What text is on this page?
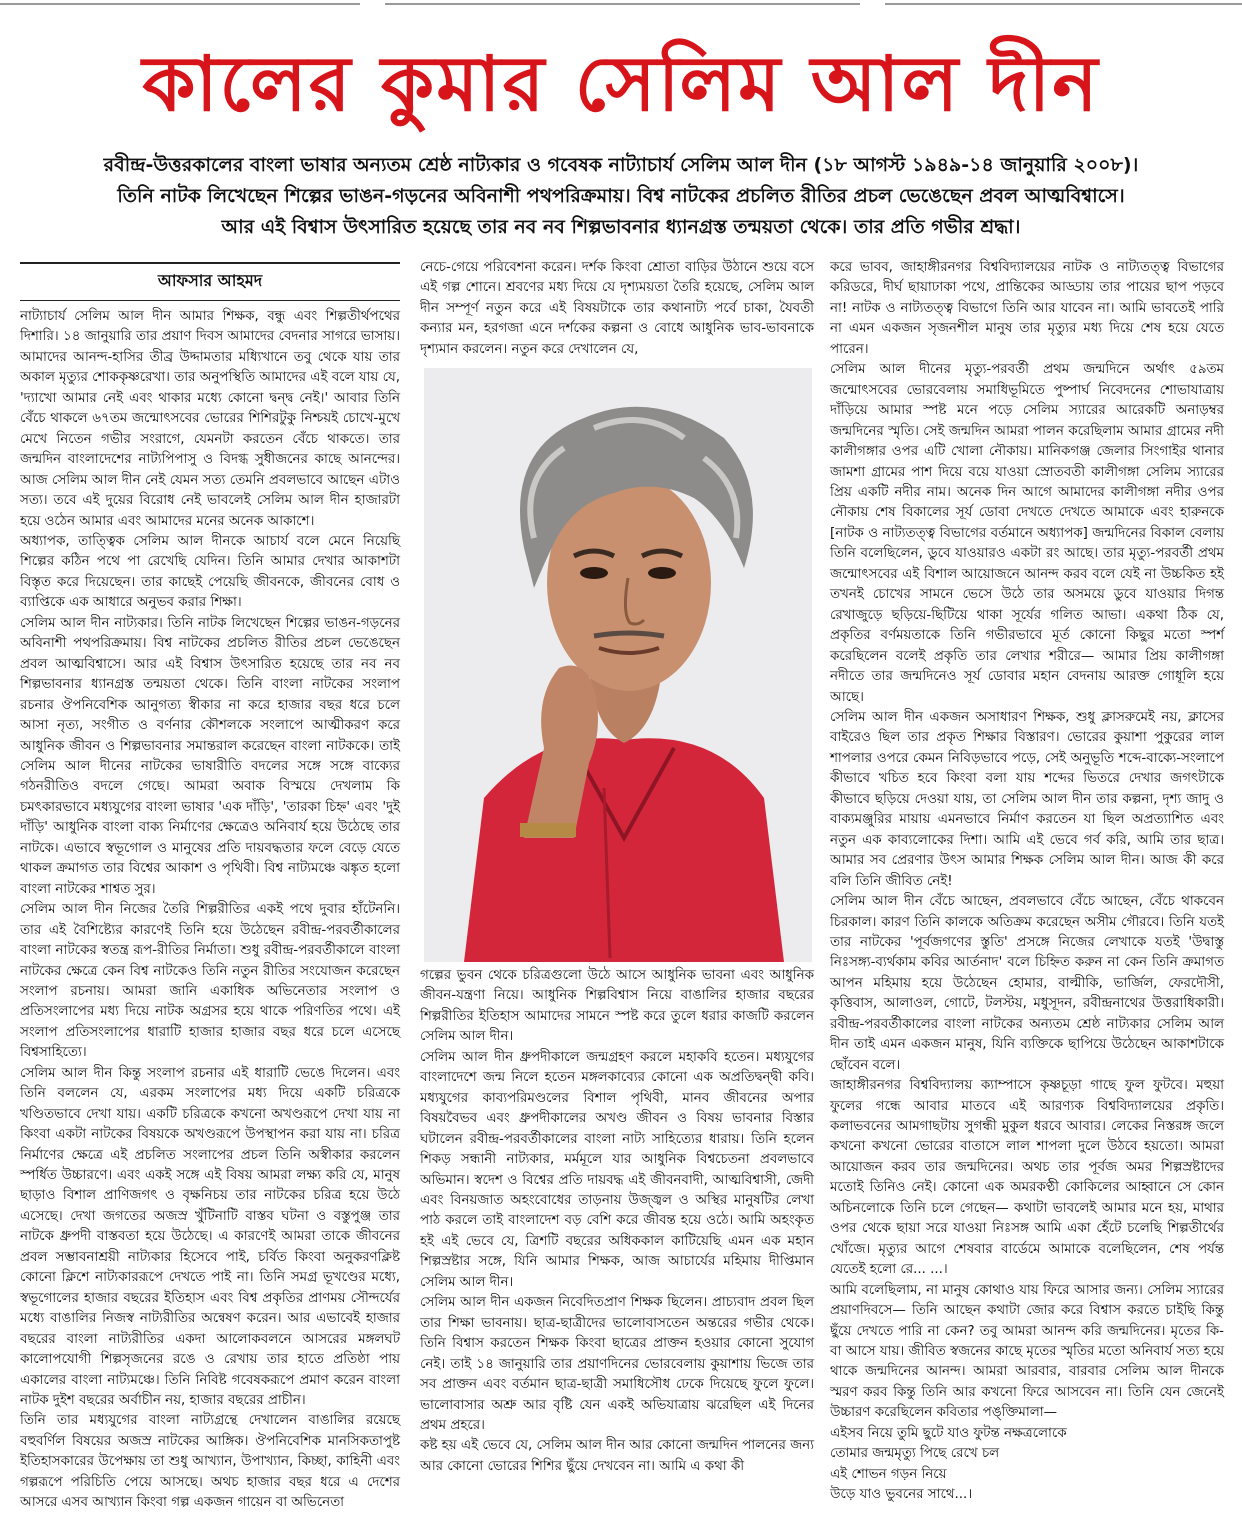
কালের কুমার সেলিম আল দীন
রবীন্দ্র-উত্তরকালের বাংলা ভাষার অন্যতম শ্রেষ্ঠ নাট্যকার ও গবেষক নাট্যাচার্য সেলিম আল দীন (১৮ আগস্ট ১৯৪৯-১৪ জানুয়ারি ২০০৮)।
তিনি নাটক লিখেছেন শিল্পের ভাঙন-গড়নের অবিনাশী পথপরিক্রমায়। বিশ্ব নাটকের প্রচলিত রীতির প্রচল ভেঙেছেন প্রবল আত্মবিশ্বাসে।
আর এই বিশ্বাস উৎসারিত হয়েছে তার নব নব শিল্পভাবনার ধ্যানগ্রস্ত তন্ময়তা থেকে। তার প্রতি গভীর শ্রদ্ধা।
আফসার আহমদ

নাট্যাচার্য সেলিম আল দীন আমার শিক্ষক, বন্ধু এবং শিল্পতীর্থপথের দিশারি। ১৪ জানুয়ারি তার প্রয়াণ দিবস আমাদের বেদনার সাগরে ভাসায়। আমাদের আনন্দ-হাসির তীব্র উদ্দামতার মধ্যিখানে তবু থেকে যায় তার অকাল মৃত্যুর শোককৃষ্ণরেখা। তার অনুপস্থিতি আমাদের এই বলে যায় যে, 'দ্যাখো আমার নেই এবং থাকার মধ্যে কোনো দ্বন্দ্ব নেই।' আবার তিনি বেঁচে থাকলে ৬৭তম জন্মোৎসবের ভোরের শিশিরটুকু নিশ্চয়ই চোখে-মুখে মেখে নিতেন গভীর সংরাগে, যেমনটা করতেন বেঁচে থাকতে। তার জন্মদিন বাংলাদেশের নাট্যপিপাসু ও বিদগ্ধ সুধীজনের কাছে আনন্দের। আজ সেলিম আল দীন নেই যেমন সত্য তেমনি প্রবলভাবে আছেন এটাও সত্য। তবে এই দুয়ের বিরোধ নেই ভাবলেই সেলিম আল দীন হাজারটা হয়ে ওঠেন আমার এবং আমাদের মনের অনেক আকাশে।

অধ্যাপক, তাত্ত্বিক সেলিম আল দীনকে আচার্য বলে মেনে নিয়েছি শিল্পের কঠিন পথে পা রেখেছি যেদিন। তিনি আমার দেখার আকাশটা বিস্তৃত করে দিয়েছেন। তার কাছেই পেয়েছি জীবনকে, জীবনের বোধ ও ব্যাপ্তিকে এক আধারে অনুভব করার শিক্ষা।

সেলিম আল দীন নাট্যকার। তিনি নাটক লিখেছেন শিল্পের ভাঙন-গড়নের অবিনাশী পথপরিক্রমায়। বিশ্ব নাটকের প্রচলিত রীতির প্রচল ভেঙেছেন প্রবল আত্মবিশ্বাসে। আর এই বিশ্বাস উৎসারিত হয়েছে তার নব নব শিল্পভাবনার ধ্যানগ্রস্ত তন্ময়তা থেকে। তিনি বাংলা নাটকের সংলাপ রচনার ঔপনিবেশিক আনুগত্য স্বীকার না করে হাজার বছর ধরে চলে আসা নৃত্য, সংগীত ও বর্ণনার কৌশলকে সংলাপে আত্মীকরণ করে আধুনিক জীবন ও শিল্পভাবনার সমান্তরাল করেছেন বাংলা নাটককে। তাই সেলিম আল দীনের নাটকের ভাষারীতি বদলের সঙ্গে সঙ্গে বাক্যের গঠনরীতিও বদলে গেছে। আমরা অবাক বিস্ময়ে দেখলাম কি চমৎকারভাবে মধ্যযুগের বাংলা ভাষার 'এক দাঁড়ি', 'তারকা চিহ্ন' এবং 'দুই দাঁড়ি' আধুনিক বাংলা বাক্য নির্মাণের ক্ষেত্রেও অনিবার্য হয়ে উঠেছে তার নাটকে। এভাবে স্বভূগোল ও মানুষের প্রতি দায়বদ্ধতার ফলে বেড়ে যেতে থাকল ক্রমাগত তার বিশ্বের আকাশ ও পৃথিবী। বিশ্ব নাট্যমঞ্চে ঝঙ্কৃত হলো বাংলা নাটকের শাশ্বত সুর।

সেলিম আল দীন নিজের তৈরি শিল্পরীতির একই পথে দুবার হাঁটেননি। তার এই বৈশিষ্ট্যের কারণেই তিনি হয়ে উঠেছেন রবীন্দ্র-পরবর্তীকালের বাংলা নাটকের স্বতন্ত্র রূপ-রীতির নির্মাতা। শুধু রবীন্দ্র-পরবর্তীকালে বাংলা নাটকের ক্ষেত্রে কেন বিশ্ব নাটকেও তিনি নতুন রীতির সংযোজন করেছেন সংলাপ রচনায়। আমরা জানি একাধিক অভিনেতার সংলাপ ও প্রতিসংলাপের মধ্য দিয়ে নাটক অগ্রসর হয়ে থাকে পরিণতির পথে। এই সংলাপ প্রতিসংলাপের ধারাটি হাজার হাজার বছর ধরে চলে এসেছে বিশ্বসাহিত্যে।

সেলিম আল দীন কিন্তু সংলাপ রচনার এই ধারাটি ভেঙে দিলেন। এবং তিনি বললেন যে, এরকম সংলাপের মধ্য দিয়ে একটি চরিত্রকে খণ্ডিতভাবে দেখা যায়। একটি চরিত্রকে কখনো অখণ্ডরূপে দেখা যায় না কিংবা একটা নাটকের বিষয়কে অখণ্ডরূপে উপস্থাপন করা যায় না। চরিত্র নির্মাণের ক্ষেত্রে এই প্রচলিত সংলাপের প্রচল তিনি অস্বীকার করলেন স্পর্ধিত উচ্চারণে। এবং একই সঙ্গে এই বিষয় আমরা লক্ষ্য করি যে, মানুষ ছাড়াও বিশাল প্রাণিজগৎ ও বৃক্ষনিচয় তার নাটকের চরিত্র হয়ে উঠে এসেছে। দেখা জগতের অজস্র খুঁটিনাটি বাস্তব ঘটনা ও বস্তুপুঞ্জ তার নাটকে ধ্রুপদী বাস্তবতা হয়ে উঠেছে। এ কারণেই আমরা তাকে জীবনের প্রবল সম্ভাবনাশ্রয়ী নাট্যকার হিসেবে পাই, চর্বিত কিংবা অনুকরণক্লিষ্ট কোনো ক্লিশে নাট্যকাররূপে দেখতে পাই না। তিনি সমগ্র ভূখণ্ডের মধ্যে, স্বভূগোলের হাজার বছরের ইতিহাস এবং বিশ্ব প্রকৃতির প্রাণময় সৌন্দর্যের মধ্যে বাঙালির নিজস্ব নাট্যরীতির অন্বেষণ করেন। আর এভাবেই হাজার বছরের বাংলা নাট্যরীতির একদা আলোকবলনে আসরের মঙ্গলঘট কালোপযোগী শিল্পসৃজনের রঙে ও রেখায় তার হাতে প্রতিষ্ঠা পায় একালের বাংলা নাট্যমঞ্চে। তিনি নিবিষ্ট গবেষকরূপে প্রমাণ করেন বাংলা নাটক দুইশ বছরের অর্বাচীন নয়, হাজার বছরের প্রাচীন।

তিনি তার মধ্যযুগের বাংলা নাট্যগ্রন্থে দেখালেন বাঙালির রয়েছে বহুবর্ণিল বিষয়ের অজস্র নাটকের আঙ্গিক। ঔপনিবেশিক মানসিকতাপুষ্ট ইতিহাসকারের উপেক্ষায় তা শুধু আখ্যান, উপাখ্যান, কিচ্ছা, কাহিনী এবং গল্পরূপে পরিচিতি পেয়ে আসছে। অথচ হাজার বছর ধরে এ দেশের আসরে এসব আখ্যান কিংবা গল্প একজন গায়েন বা অভিনেতা

নেচে-গেয়ে পরিবেশনা করেন। দর্শক কিংবা শ্রোতা বাড়ির উঠানে শুয়ে বসে এই গল্প শোনে। শ্রবণের মধ্য দিয়ে যে দৃশ্যময়তা তৈরি হয়েছে, সেলিম আল দীন সম্পূর্ণ নতুন করে এই বিষয়টাকে তার কথানাট্য পর্বে চাকা, যৈবতী কন্যার মন, হরগজা এনে দর্শকের কল্পনা ও বোধে আধুনিক ভাব-ভাবনাকে দৃশ্যমান করলেন। নতুন করে দেখালেন যে,

গল্পের ভুবন থেকে চরিত্রগুলো উঠে আসে আধুনিক ভাবনা এবং আধুনিক জীবন-যন্ত্রণা নিয়ে। আধুনিক শিল্পবিশ্বাস নিয়ে বাঙালির হাজার বছরের শিল্পরীতির ইতিহাস আমাদের সামনে স্পষ্ট করে তুলে ধরার কাজটি করলেন সেলিম আল দীন।

সেলিম আল দীন ধ্রুপদীকালে জন্মগ্রহণ করলে মহাকবি হতেন। মধ্যযুগের বাংলাদেশে জন্ম নিলে হতেন মঙ্গলকাব্যের কোনো এক অপ্রতিদ্বন্দ্বী কবি। মধ্যযুগের কাব্যপরিমণ্ডলের বিশাল পৃথিবী, মানব জীবনের অপার বিষয়বৈভব এবং ধ্রুপদীকালের অখণ্ড জীবন ও বিষয় ভাবনার বিস্তার ঘটালেন রবীন্দ্র-পরবর্তীকালের বাংলা নাট্য সাহিত্যের ধারায়। তিনি হলেন শিকড় সন্ধানী নাট্যকার, মর্মমূলে যার আধুনিক বিশ্বচেতনা প্রবলভাবে অভিমান। স্বদেশ ও বিশ্বের প্রতি দায়বদ্ধ এই জীবনবাদী, আত্মবিশ্বাসী, জেদী এবং বিনয়জাত অহংবোধের তাড়নায় উজ্জ্বল ও অস্থির মানুষটির লেখা পাঠ করলে তাই বাংলাদেশ বড় বেশি করে জীবন্ত হয়ে ওঠে। আমি অহংকৃত হই এই ভেবে যে, ত্রিশটি বছরের অধিককাল কাটিয়েছি এমন এক মহান শিল্পস্রষ্টার সঙ্গে, যিনি আমার শিক্ষক, আজ আচার্যের মহিমায় দীপ্তিমান সেলিম আল দীন।

সেলিম আল দীন একজন নিবেদিতপ্রাণ শিক্ষক ছিলেন। প্রাচ্যবাদ প্রবল ছিল তার শিক্ষা ভাবনায়। ছাত্র-ছাত্রীদের ভালোবাসতেন অন্তরের গভীর থেকে। তিনি বিশ্বাস করতেন শিক্ষক কিংবা ছাত্রের প্রাক্তন হওয়ার কোনো সুযোগ নেই। তাই ১৪ জানুয়ারি তার প্রয়াণদিনের ভোরবেলায় কুয়াশায় ভিজে তার সব প্রাক্তন এবং বর্তমান ছাত্র-ছাত্রী সমাধিসৌধ ঢেকে দিয়েছে ফুলে ফুলে। ভালোবাসার অশ্রু আর বৃষ্টি যেন একই অভিযাত্রায় ঝরেছিল এই দিনের প্রথম প্রহরে।

কষ্ট হয় এই ভেবে যে, সেলিম আল দীন আর কোনো জন্মদিন পালনের জন্য আর কোনো ভোরের শিশির ছুঁয়ে দেখবেন না। আমি এ কথা কী

করে ভাবব, জাহাঙ্গীরনগর বিশ্ববিদ্যালয়ের নাটক ও নাট্যতত্ত্ব বিভাগের করিডরে, দীর্ঘ ছায়াঢাকা পথে, প্রান্তিকের আড্ডায় তার পায়ের ছাপ পড়বে না! নাটক ও নাট্যতত্ত্ব বিভাগে তিনি আর যাবেন না। আমি ভাবতেই পারি না এমন একজন সৃজনশীল মানুষ তার মৃত্যুর মধ্য দিয়ে শেষ হয়ে যেতে পারেন।

সেলিম আল দীনের মৃত্যু-পরবর্তী প্রথম জন্মদিনে অর্থাৎ ৫৯তম জন্মোৎসবের ভোরবেলায় সমাধিভূমিতে পুষ্পার্ঘ নিবেদনের শোভাযাত্রায় দাঁড়িয়ে আমার স্পষ্ট মনে পড়ে সেলিম স্যারের আরেকটি অনাড়ম্বর জন্মদিনের স্মৃতি। সেই জন্মদিন আমরা পালন করেছিলাম আমার গ্রামের নদী কালীগঙ্গার ওপর এটি খোলা নৌকায়। মানিকগঞ্জ জেলার সিংগাইর থানার জামশা গ্রামের পাশ দিয়ে বয়ে যাওয়া স্রোতবতী কালীগঙ্গা সেলিম স্যারের প্রিয় একটি নদীর নাম। অনেক দিন আগে আমাদের কালীগঙ্গা নদীর ওপর নৌকায় শেষ বিকালের সূর্য ডোবা দেখতে দেখতে আমাকে এবং হারুনকে [নাটক ও নাট্যতত্ত্ব বিভাগের বর্তমানে অধ্যাপক] জন্মদিনের বিকাল বেলায় তিনি বলেছিলেন, ডুবে যাওয়ারও একটা রং আছে। তার মৃত্যু-পরবর্তী প্রথম জন্মোৎসবের এই বিশাল আয়োজনে আনন্দ করব বলে যেই না উচ্চকিত হই তখনই চোখের সামনে ভেসে উঠে তার অসময়ে ডুবে যাওয়ার দিগন্ত রেখাজুড়ে ছড়িয়ে-ছিটিয়ে থাকা সূর্যের গলিত আভা। একথা ঠিক যে, প্রকৃতির বর্ণময়তাকে তিনি গভীরভাবে মূর্ত কোনো কিছুর মতো স্পর্শ করেছিলেন বলেই প্রকৃতি তার লেখার শরীরে— আমার প্রিয় কালীগঙ্গা নদীতে তার জন্মদিনেও সূর্য ডোবার মহান বেদনায় আরক্ত গোধূলি হয়ে আছে।

সেলিম আল দীন একজন অসাধারণ শিক্ষক, শুধু ক্লাসরুমেই নয়, ক্লাসের বাইরেও ছিল তার প্রকৃত শিক্ষার বিস্তারণ। ভোরের কুয়াশা পুকুরের লাল শাপলার ওপরে কেমন নিবিড়ভাবে পড়ে, সেই অনুভূতি শব্দে-বাক্যে-সংলাপে কীভাবে খচিত হবে কিংবা বলা যায় শব্দের ভিতরে দেখার জগৎটাকে কীভাবে ছড়িয়ে দেওয়া যায়, তা সেলিম আল দীন তার কল্পনা, দৃশ্য জাদু ও বাক্যমঞ্জুরির মায়ায় এমনভাবে নির্মাণ করতেন যা ছিল অপ্রত্যাশিত এবং নতুন এক কাব্যলোকের দিশা। আমি এই ভেবে গর্ব করি, আমি তার ছাত্র। আমার সব প্রেরণার উৎস আমার শিক্ষক সেলিম আল দীন। আজ কী করে বলি তিনি জীবিত নেই!

সেলিম আল দীন বেঁচে আছেন, প্রবলভাবে বেঁচে আছেন, বেঁচে থাকবেন চিরকাল। কারণ তিনি কালকে অতিক্রম করেছেন অসীম গৌরবে। তিনি যতই তার নাটকের 'পূর্বজগণের স্তুতি' প্রসঙ্গে নিজের লেখাকে যতই 'উদ্বাস্তু নিঃসঙ্গ্য-ব্যর্থকাম কবির আর্তনাদ' বলে চিহ্নিত করুন না কেন তিনি ক্রমাগত আপন মহিমায় হয়ে উঠেছেন হোমার, বাল্মীকি, ভার্জিল, ফেরদৌসী, কৃত্তিবাস, আলাওল, গোটে, টলস্টয়, মধুসূদন, রবীন্দ্রনাথের উত্তরাধিকারী। রবীন্দ্র-পরবর্তীকালের বাংলা নাটকের অন্যতম শ্রেষ্ঠ নাট্যকার সেলিম আল দীন তাই এমন একজন মানুষ, যিনি ব্যক্তিকে ছাপিয়ে উঠেছেন আকাশটাকে ছোঁবেন বলে।

জাহাঙ্গীরনগর বিশ্ববিদ্যালয় ক্যাম্পাসে কৃষ্ণচূড়া গাছে ফুল ফুটবে। মহুয়া ফুলের গন্ধে আবার মাতবে এই আরণ্যক বিশ্ববিদ্যালয়ের প্রকৃতি। কলাভবনের আমগাছটায় সুগন্ধী মুকুল ধরবে আবার। লেকের নিস্তরঙ্গ জলে কখনো কখনো ভোরের বাতাসে লাল শাপলা দুলে উঠবে হয়তো। আমরা আয়োজন করব তার জন্মদিনের। অথচ তার পূর্বজ অমর শিল্পস্রষ্টাদের মতোই তিনিও নেই। কোনো এক অমরকণ্ঠী কোকিলের আহ্বানে সে কোন অচিনলোকে তিনি চলে গেছেন— কথাটা ভাবলেই আমার মনে হয়, মাথার ওপর থেকে ছায়া সরে যাওয়া নিঃসঙ্গ আমি একা হেঁটে চলেছি শিল্পতীর্থের খোঁজে। মৃত্যুর আগে শেষবার বার্ডেমে আমাকে বলেছিলেন, শেষ পর্যন্ত যেতেই হলো রে... ...।

আমি বলেছিলাম, না মানুষ কোথাও যায় ফিরে আসার জন্য। সেলিম স্যারের প্রয়াণদিবসে— তিনি আছেন কথাটা জোর করে বিশ্বাস করতে চাইছি কিন্তু ছুঁয়ে দেখতে পারি না কেন? তবু আমরা আনন্দ করি জন্মদিনের। মৃতের কি-বা আসে যায়। জীবিত স্বজনের কাছে মৃতের স্মৃতির মতো অনিবার্য সত্য হয়ে থাকে জন্মদিনের আনন্দ। আমরা আরবার, বারবার সেলিম আল দীনকে স্মরণ করব কিন্তু তিনি আর কখনো ফিরে আসবেন না। তিনি যেন জেনেই উচ্চারণ করেছিলেন কবিতার পঙ্‌ক্তিমালা—

এইসব নিয়ে তুমি ছুটে যাও ফুটন্ত নক্ষত্রলোকে
তোমার জন্মমৃত্যু পিছে রেখে চল
এই শোভন গড়ন নিয়ে
উড়ে যাও ভুবনের সাথে...।
